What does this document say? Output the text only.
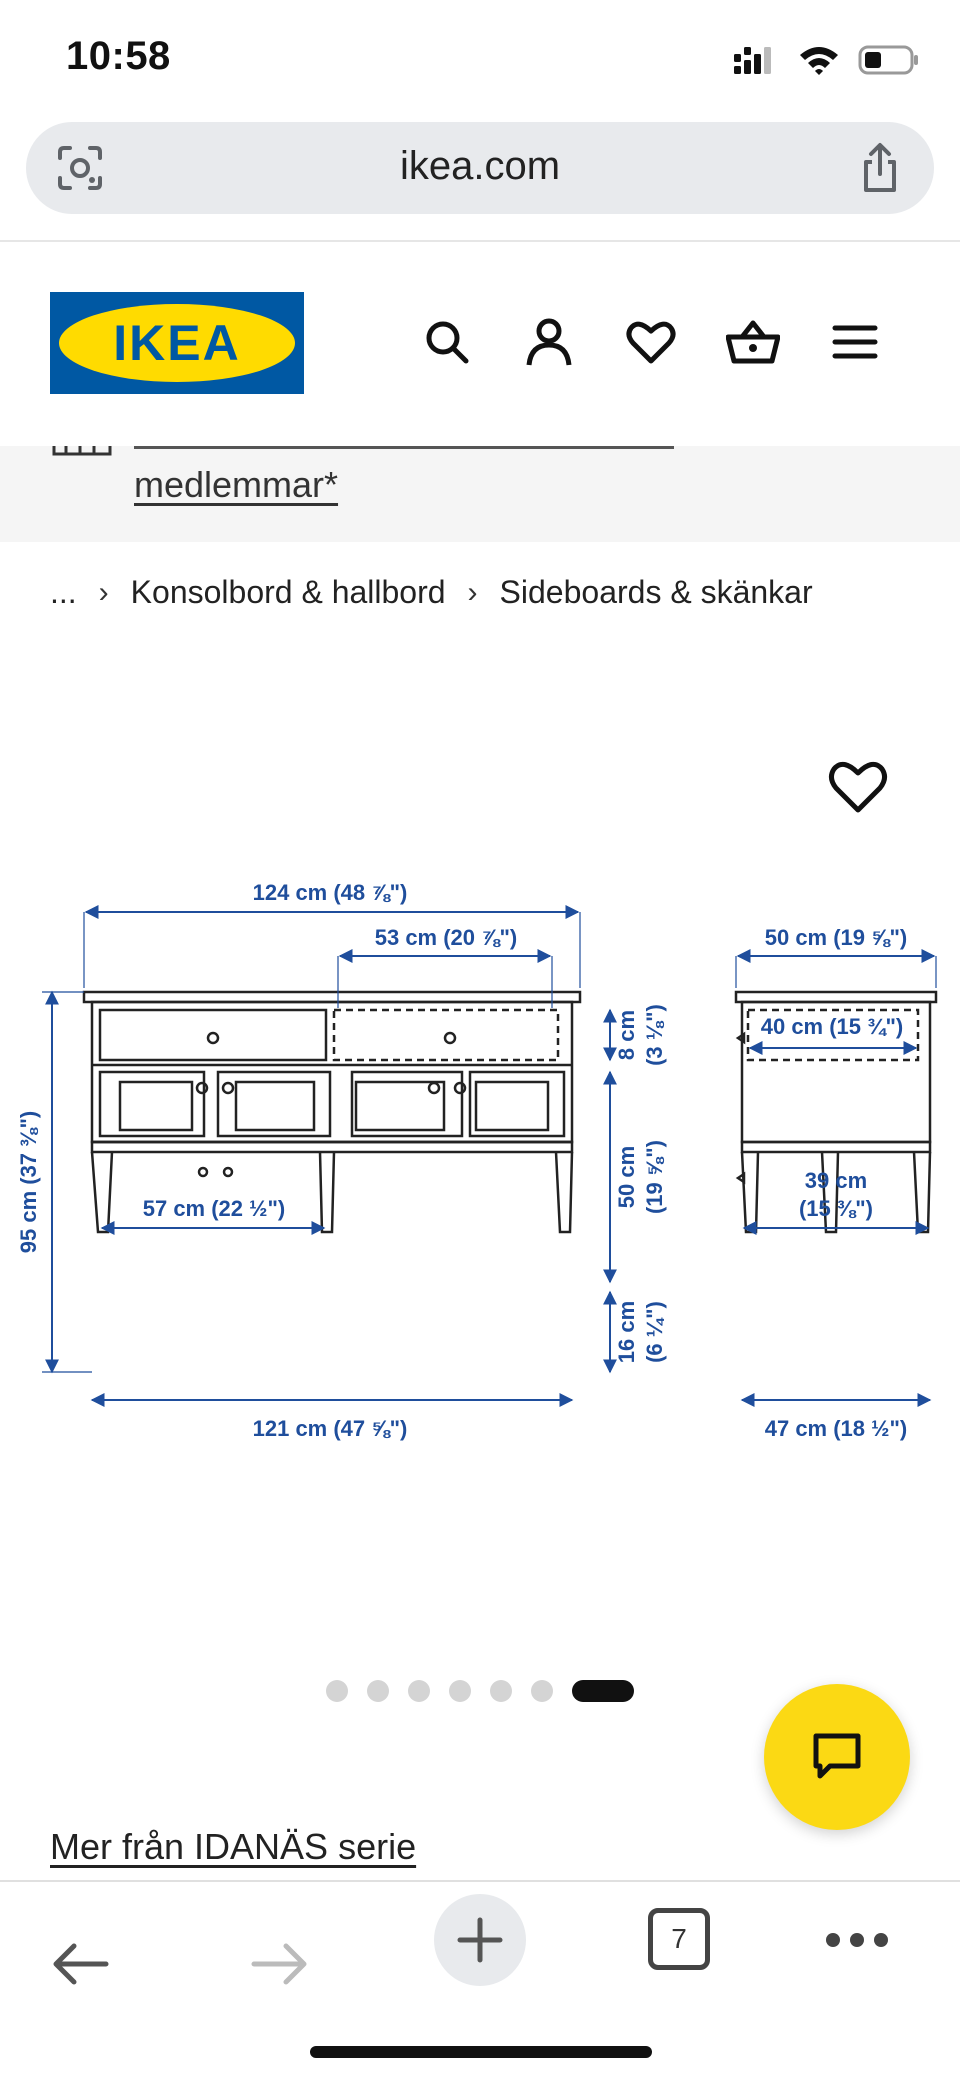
10:58
ikea.com
IKEA
medlemmar*
... › Konsolbord & hallbord › Sideboards & skänkar
124 cm (48 ⅞")
53 cm (20 ⅞")
95 cm (37 ⅜")
8 cm (3 ⅛")
50 cm (19 ⅝")
57 cm (22 ½")
16 cm (6 ¼")
121 cm (47 ⅝")
50 cm (19 ⅝")
40 cm (15 ¾")
39 cm
(15 ⅜")
47 cm (18 ½")
Mer från IDANÄS serie
7
